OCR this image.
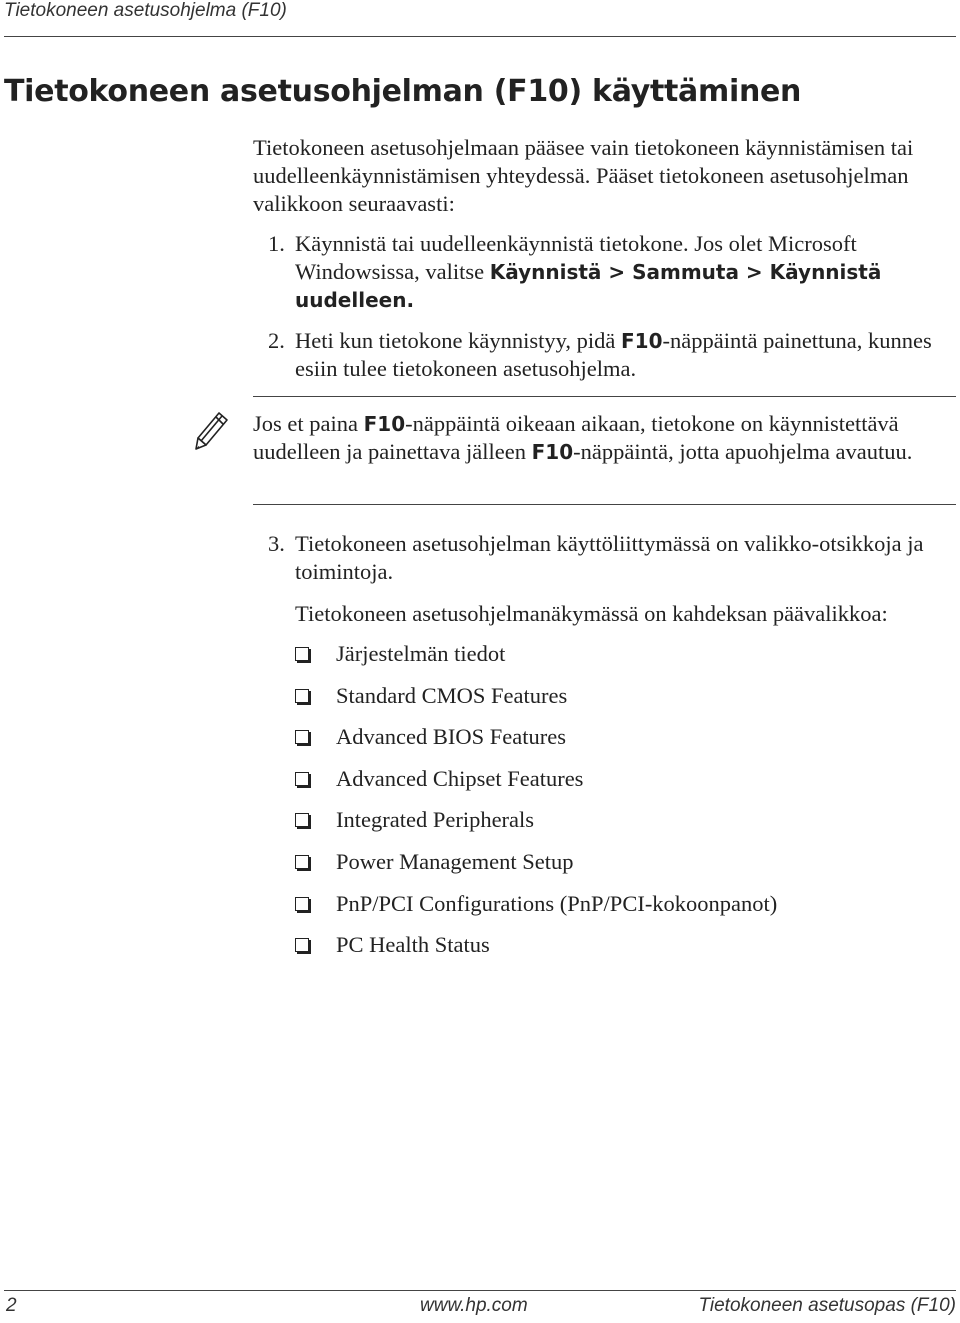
Tietokoneen asetusohjelma (F10)
Tietokoneen asetusohjelman (F10) käyttäminen
Tietokoneen asetusohjelmaan pääsee vain tietokoneen käynnistämisen tai uudelleenkäynnistämisen yhteydessä. Pääset tietokoneen asetusohjelman valikkoon seuraavasti:
1. Käynnistä tai uudelleenkäynnistä tietokone. Jos olet Microsoft Windowsissa, valitse Käynnistä > Sammuta > Käynnistä uudelleen.
2. Heti kun tietokone käynnistyy, pidä F10-näppäintä painettuna, kunnes esiin tulee tietokoneen asetusohjelma.
Jos et paina F10-näppäintä oikeaan aikaan, tietokone on käynnistettävä uudelleen ja painettava jälleen F10-näppäintä, jotta apuohjelma avautuu.
3. Tietokoneen asetusohjelman käyttöliittymässä on valikko-otsikkoja ja toimintoja.
Tietokoneen asetusohjelmanäkymässä on kahdeksan päävalikkoa:
Järjestelmän tiedot
Standard CMOS Features
Advanced BIOS Features
Advanced Chipset Features
Integrated Peripherals
Power Management Setup
PnP/PCI Configurations (PnP/PCI-kokoonpanot)
PC Health Status
2	www.hp.com	Tietokoneen asetusopas (F10)
